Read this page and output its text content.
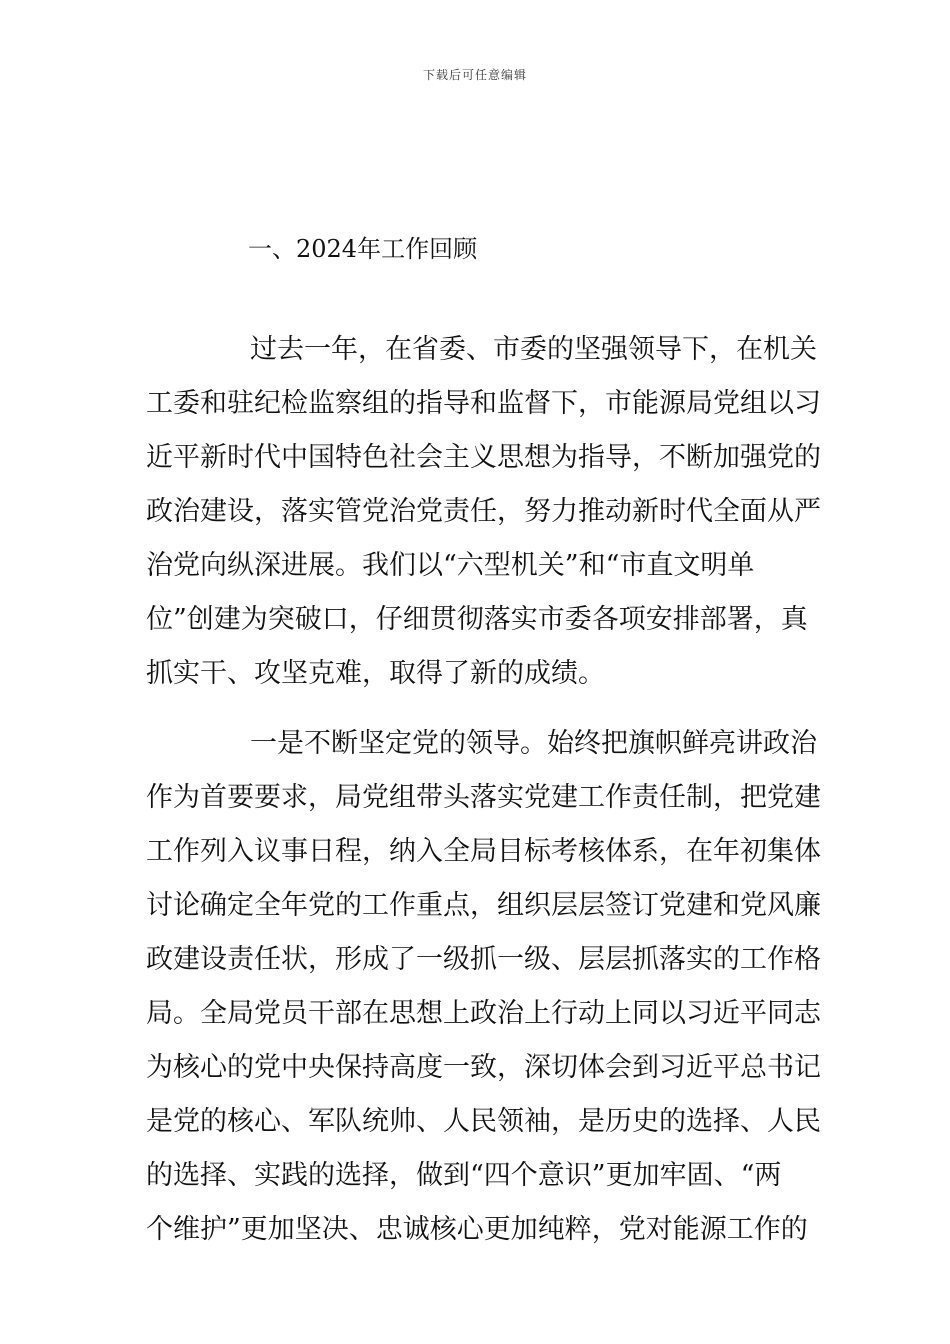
下载后可任意编辑
一、2024年工作回顾
过去一年，在省委、市委的坚强领导下，在机关
工委和驻纪检监察组的指导和监督下，市能源局党组以习
近平新时代中国特色社会主义思想为指导，不断加强党的
政治建设，落实管党治党责任，努力推动新时代全面从严
治党向纵深进展。我们以“六型机关”和“市直文明单
位”创建为突破口，仔细贯彻落实市委各项安排部署，真
抓实干、攻坚克难，取得了新的成绩。
一是不断坚定党的领导。始终把旗帜鲜亮讲政治
作为首要要求，局党组带头落实党建工作责任制，把党建
工作列入议事日程，纳入全局目标考核体系，在年初集体
讨论确定全年党的工作重点，组织层层签订党建和党风廉
政建设责任状，形成了一级抓一级、层层抓落实的工作格
局。全局党员干部在思想上政治上行动上同以习近平同志
为核心的党中央保持高度一致，深切体会到习近平总书记
是党的核心、军队统帅、人民领袖，是历史的选择、人民
的选择、实践的选择，做到“四个意识”更加牢固、“两
个维护”更加坚决、忠诚核心更加纯粹，党对能源工作的
